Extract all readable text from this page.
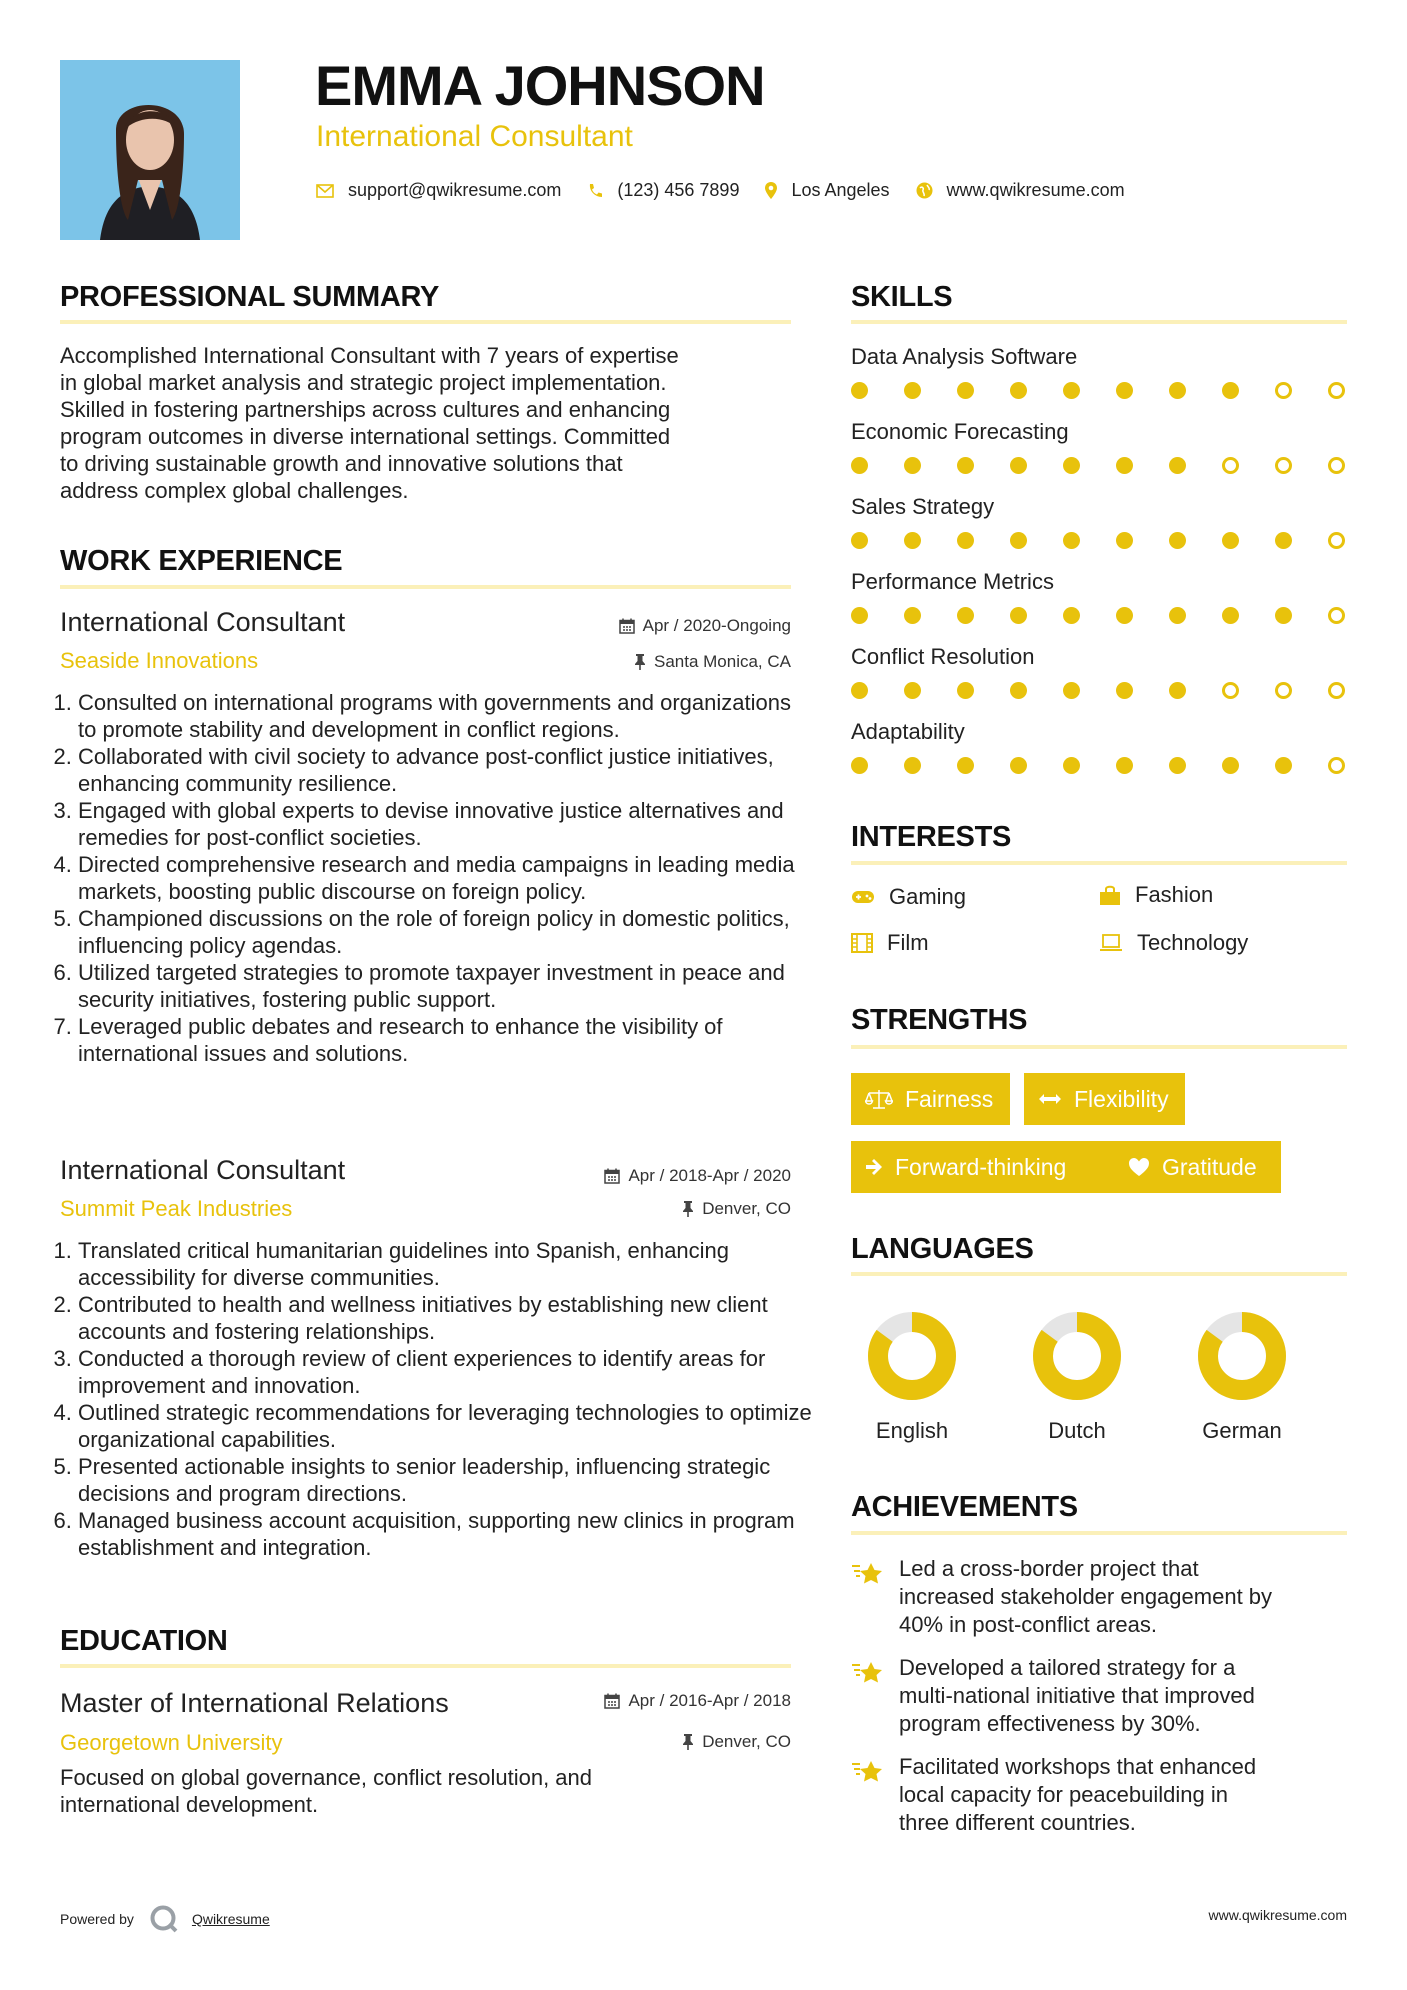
EMMA JOHNSON
International Consultant
support@qwikresume.com	(123) 456 7899	Los Angeles	www.qwikresume.com
PROFESSIONAL SUMMARY
Accomplished International Consultant with 7 years of expertise
in global market analysis and strategic project implementation.
Skilled in fostering partnerships across cultures and enhancing
program outcomes in diverse international settings. Committed
to driving sustainable growth and innovative solutions that
address complex global challenges.
WORK EXPERIENCE
International Consultant	Apr / 2020-Ongoing
Seaside Innovations	Santa Monica, CA
1. Consulted on international programs with governments and organizations to promote stability and development in conflict regions.
2. Collaborated with civil society to advance post-conflict justice initiatives, enhancing community resilience.
3. Engaged with global experts to devise innovative justice alternatives and remedies for post-conflict societies.
4. Directed comprehensive research and media campaigns in leading media markets, boosting public discourse on foreign policy.
5. Championed discussions on the role of foreign policy in domestic politics, influencing policy agendas.
6. Utilized targeted strategies to promote taxpayer investment in peace and security initiatives, fostering public support.
7. Leveraged public debates and research to enhance the visibility of international issues and solutions.
International Consultant	Apr / 2018-Apr / 2020
Summit Peak Industries	Denver, CO
1. Translated critical humanitarian guidelines into Spanish, enhancing accessibility for diverse communities.
2. Contributed to health and wellness initiatives by establishing new client accounts and fostering relationships.
3. Conducted a thorough review of client experiences to identify areas for improvement and innovation.
4. Outlined strategic recommendations for leveraging technologies to optimize organizational capabilities.
5. Presented actionable insights to senior leadership, influencing strategic decisions and program directions.
6. Managed business account acquisition, supporting new clinics in program establishment and integration.
EDUCATION
Master of International Relations	Apr / 2016-Apr / 2018
Georgetown University	Denver, CO
Focused on global governance, conflict resolution, and
international development.
SKILLS
Data Analysis Software
Economic Forecasting
Sales Strategy
Performance Metrics
Conflict Resolution
Adaptability
INTERESTS
Gaming	Fashion
Film	Technology
STRENGTHS
Fairness	Flexibility
Forward-thinking	Gratitude
LANGUAGES
English	Dutch	German
ACHIEVEMENTS
Led a cross-border project that
increased stakeholder engagement by
40% in post-conflict areas.
Developed a tailored strategy for a
multi-national initiative that improved
program effectiveness by 30%.
Facilitated workshops that enhanced
local capacity for peacebuilding in
three different countries.
Powered by	Qwikresume	www.qwikresume.com
